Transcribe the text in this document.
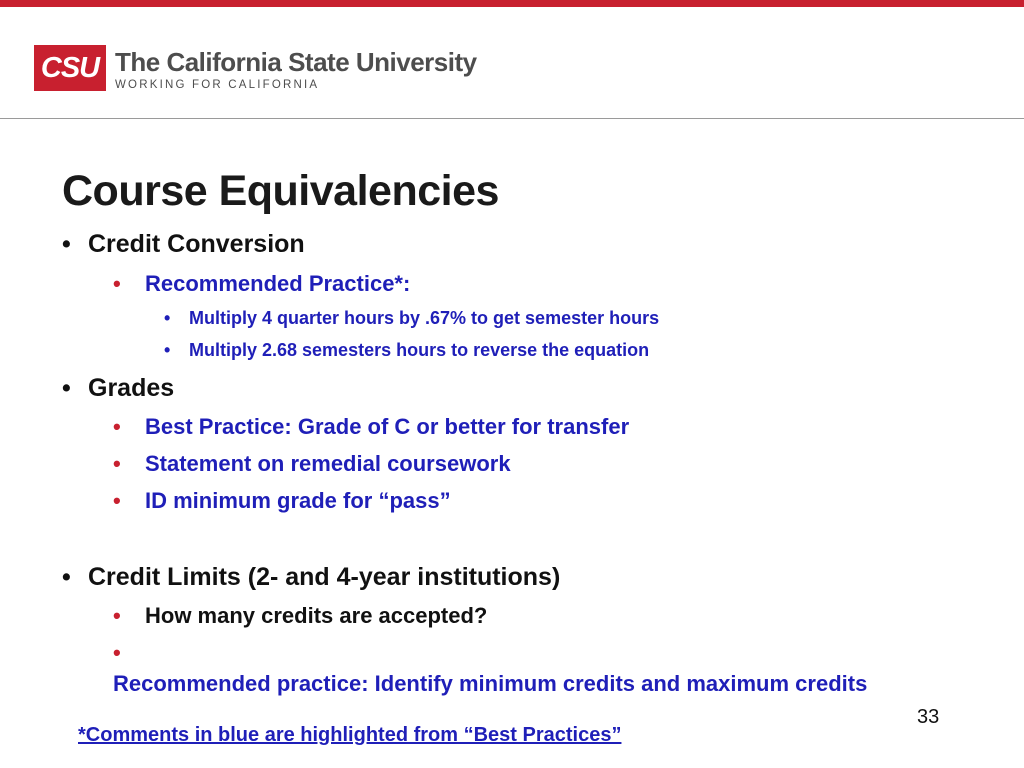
CSU The California State University
WORKING FOR CALIFORNIA
Course Equivalencies
• Credit Conversion
• Recommended Practice*:
• Multiply 4 quarter hours by .67% to get semester hours
• Multiply 2.68 semesters hours to reverse the equation
• Grades
• Best Practice: Grade of C or better for transfer
• Statement on remedial coursework
• ID minimum grade for “pass”
• Credit Limits (2- and 4-year institutions)
• How many credits are accepted?
•Recommended practice: Identify minimum credits and maximum credits
33
*Comments in blue are highlighted from “Best Practices”
